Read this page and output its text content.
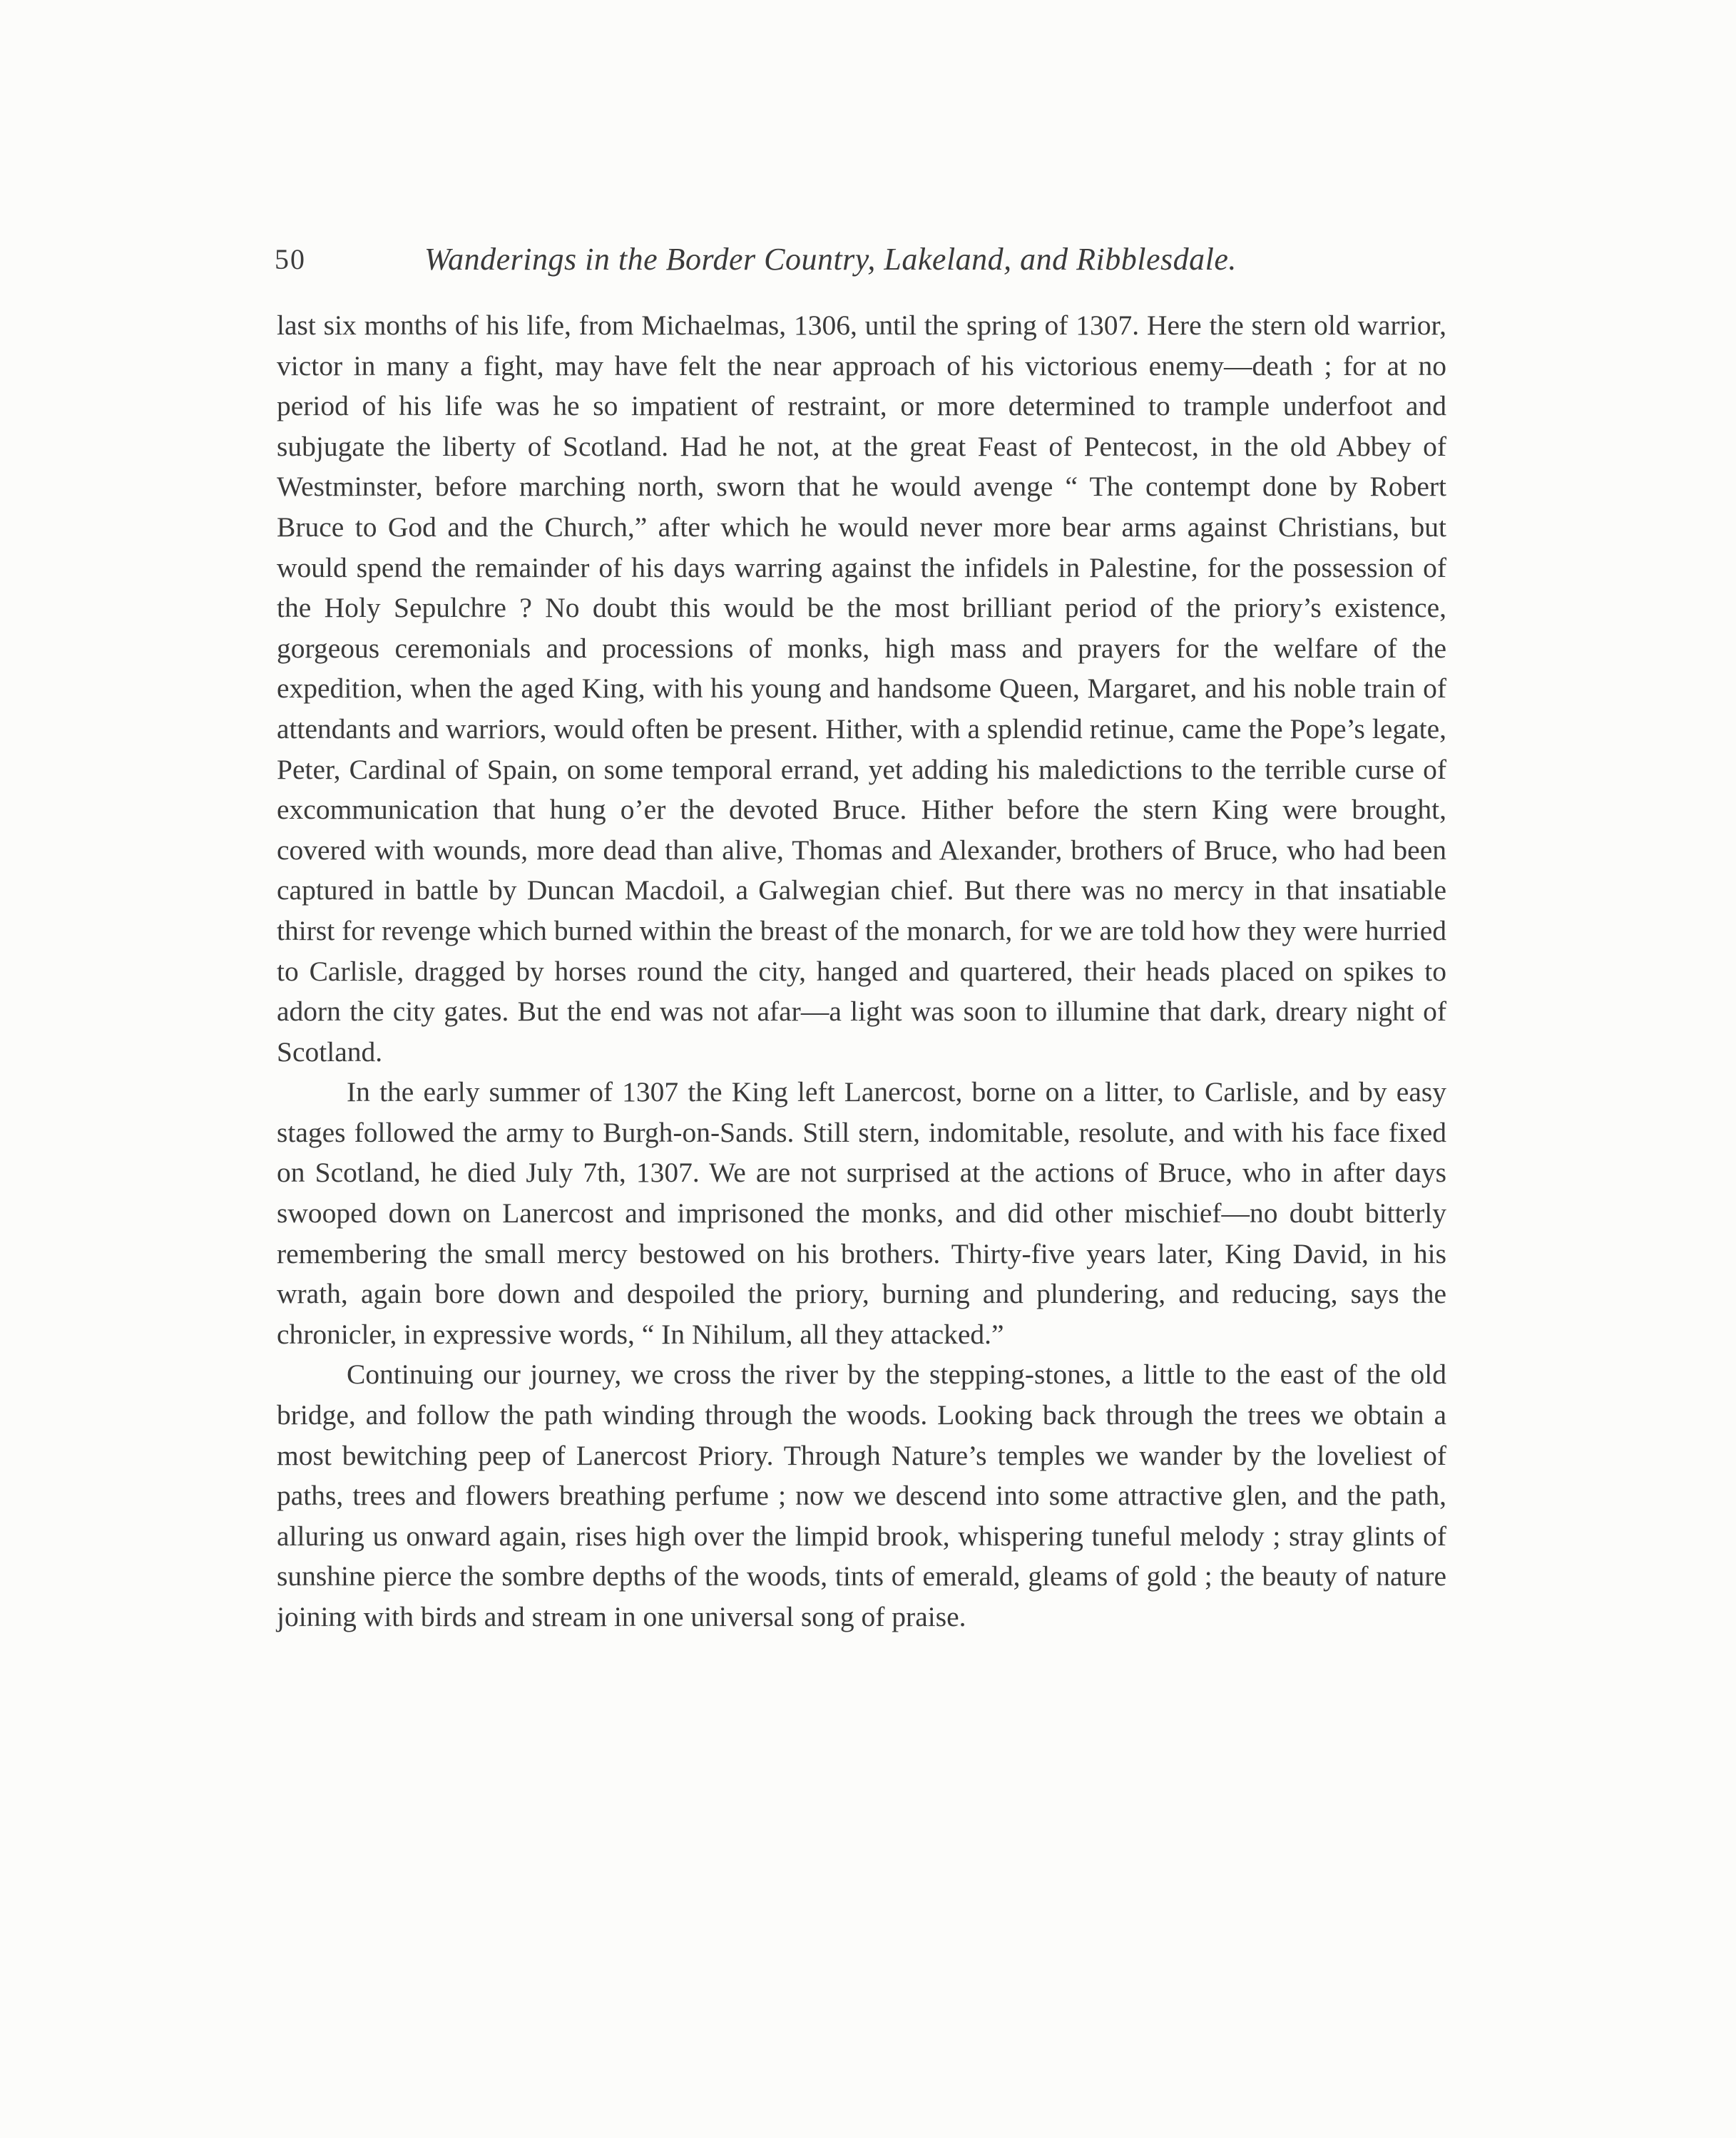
50	Wanderings in the Border Country, Lakeland, and Ribblesdale.

last six months of his life, from Michaelmas, 1306, until the spring of 1307. Here the stern old warrior, victor in many a fight, may have felt the near approach of his victorious enemy—death ; for at no period of his life was he so impatient of restraint, or more determined to trample underfoot and subjugate the liberty of Scotland. Had he not, at the great Feast of Pentecost, in the old Abbey of Westminster, before marching north, sworn that he would avenge “ The contempt done by Robert Bruce to God and the Church,” after which he would never more bear arms against Christians, but would spend the remainder of his days warring against the infidels in Palestine, for the possession of the Holy Sepulchre ? No doubt this would be the most brilliant period of the priory’s existence, gorgeous ceremonials and processions of monks, high mass and prayers for the welfare of the expedition, when the aged King, with his young and handsome Queen, Margaret, and his noble train of attendants and warriors, would often be present. Hither, with a splendid retinue, came the Pope’s legate, Peter, Cardinal of Spain, on some temporal errand, yet adding his maledictions to the terrible curse of excommunication that hung o’er the devoted Bruce. Hither before the stern King were brought, covered with wounds, more dead than alive, Thomas and Alexander, brothers of Bruce, who had been captured in battle by Duncan Macdoil, a Galwegian chief. But there was no mercy in that insatiable thirst for revenge which burned within the breast of the monarch, for we are told how they were hurried to Carlisle, dragged by horses round the city, hanged and quartered, their heads placed on spikes to adorn the city gates. But the end was not afar—a light was soon to illumine that dark, dreary night of Scotland.

In the early summer of 1307 the King left Lanercost, borne on a litter, to Carlisle, and by easy stages followed the army to Burgh-on-Sands. Still stern, indomitable, resolute, and with his face fixed on Scotland, he died July 7th, 1307. We are not surprised at the actions of Bruce, who in after days swooped down on Lanercost and imprisoned the monks, and did other mischief—no doubt bitterly remembering the small mercy bestowed on his brothers. Thirty-five years later, King David, in his wrath, again bore down and despoiled the priory, burning and plundering, and reducing, says the chronicler, in expressive words, “ In Nihilum, all they attacked.”

Continuing our journey, we cross the river by the stepping-stones, a little to the east of the old bridge, and follow the path winding through the woods. Looking back through the trees we obtain a most bewitching peep of Lanercost Priory. Through Nature’s temples we wander by the loveliest of paths, trees and flowers breathing perfume ; now we descend into some attractive glen, and the path, alluring us onward again, rises high over the limpid brook, whispering tuneful melody ; stray glints of sunshine pierce the sombre depths of the woods, tints of emerald, gleams of gold ; the beauty of nature joining with birds and stream in one universal song of praise.
